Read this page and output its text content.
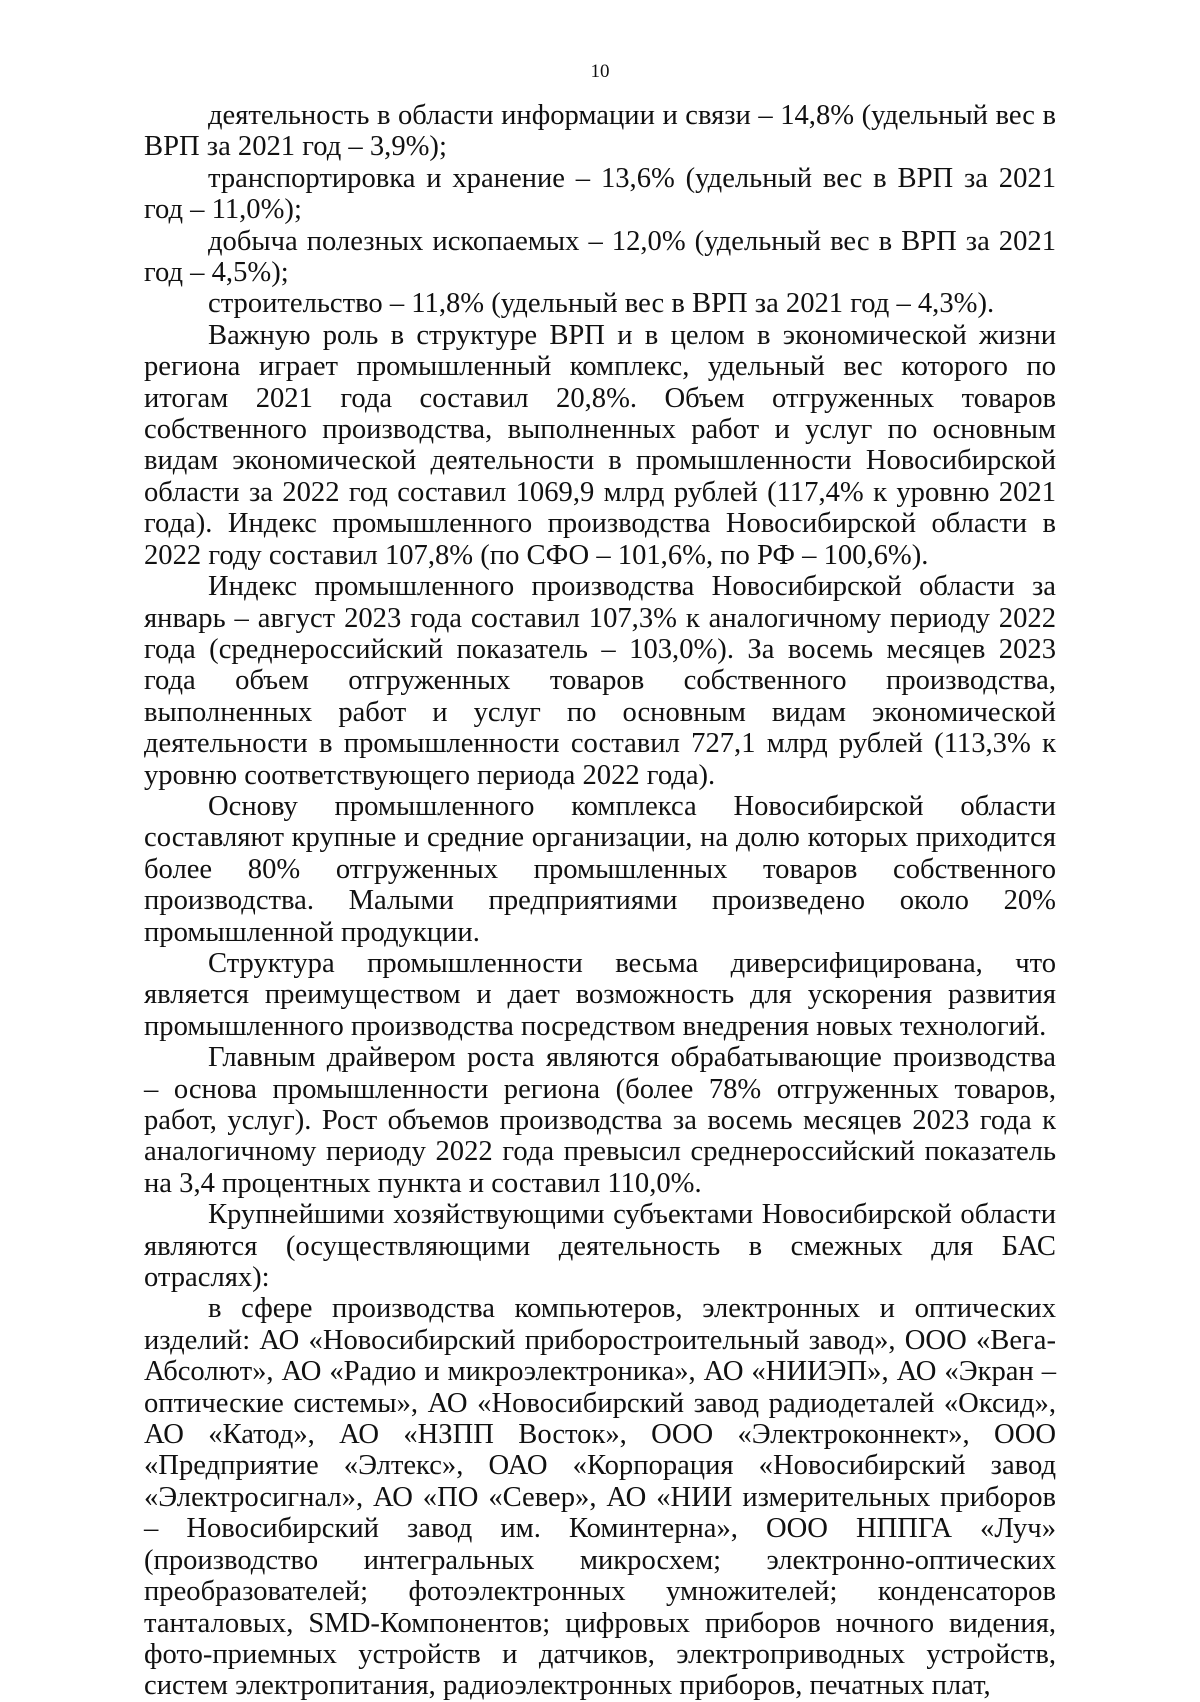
10

деятельность в области информации и связи – 14,8% (удельный вес в ВРП за 2021 год – 3,9%);

транспортировка и хранение – 13,6% (удельный вес в ВРП за 2021 год – 11,0%);

добыча полезных ископаемых – 12,0% (удельный вес в ВРП за 2021 год – 4,5%);

строительство – 11,8% (удельный вес в ВРП за 2021 год – 4,3%).

Важную роль в структуре ВРП и в целом в экономической жизни региона играет промышленный комплекс, удельный вес которого по итогам 2021 года составил 20,8%. Объем отгруженных товаров собственного производства, выполненных работ и услуг по основным видам экономической деятельности в промышленности Новосибирской области за 2022 год составил 1069,9 млрд рублей (117,4% к уровню 2021 года). Индекс промышленного производства Новосибирской области в 2022 году составил 107,8% (по СФО – 101,6%, по РФ – 100,6%).

Индекс промышленного производства Новосибирской области за январь – август 2023 года составил 107,3% к аналогичному периоду 2022 года (среднероссийский показатель – 103,0%). За восемь месяцев 2023 года объем отгруженных товаров собственного производства, выполненных работ и услуг по основным видам экономической деятельности в промышленности составил 727,1 млрд рублей (113,3% к уровню соответствующего периода 2022 года).

Основу промышленного комплекса Новосибирской области составляют крупные и средние организации, на долю которых приходится более 80% отгруженных промышленных товаров собственного производства. Малыми предприятиями произведено около 20% промышленной продукции.

Структура промышленности весьма диверсифицирована, что является преимуществом и дает возможность для ускорения развития промышленного производства посредством внедрения новых технологий.

Главным драйвером роста являются обрабатывающие производства – основа промышленности региона (более 78% отгруженных товаров, работ, услуг). Рост объемов производства за восемь месяцев 2023 года к аналогичному периоду 2022 года превысил среднероссийский показатель на 3,4 процентных пункта и составил 110,0%.

Крупнейшими хозяйствующими субъектами Новосибирской области являются (осуществляющими деятельность в смежных для БАС отраслях):

в сфере производства компьютеров, электронных и оптических изделий: АО «Новосибирский приборостроительный завод», ООО «Вега-Абсолют», АО «Радио и микроэлектроника», АО «НИИЭП», АО «Экран – оптические системы», АО «Новосибирский завод радиодеталей «Оксид», АО «Катод», АО «НЗПП Восток», ООО «Электроконнект», ООО «Предприятие «Элтекс», ОАО «Корпорация «Новосибирский завод «Электросигнал», АО «ПО «Север», АО «НИИ измерительных приборов – Новосибирский завод им. Коминтерна», ООО НППГА «Луч» (производство интегральных микросхем; электронно-оптических преобразователей; фотоэлектронных умножителей; конденсаторов танталовых, SMD-Компонентов; цифровых приборов ночного видения, фото-приемных устройств и датчиков, электроприводных устройств, систем электропитания, радиоэлектронных приборов, печатных плат,
